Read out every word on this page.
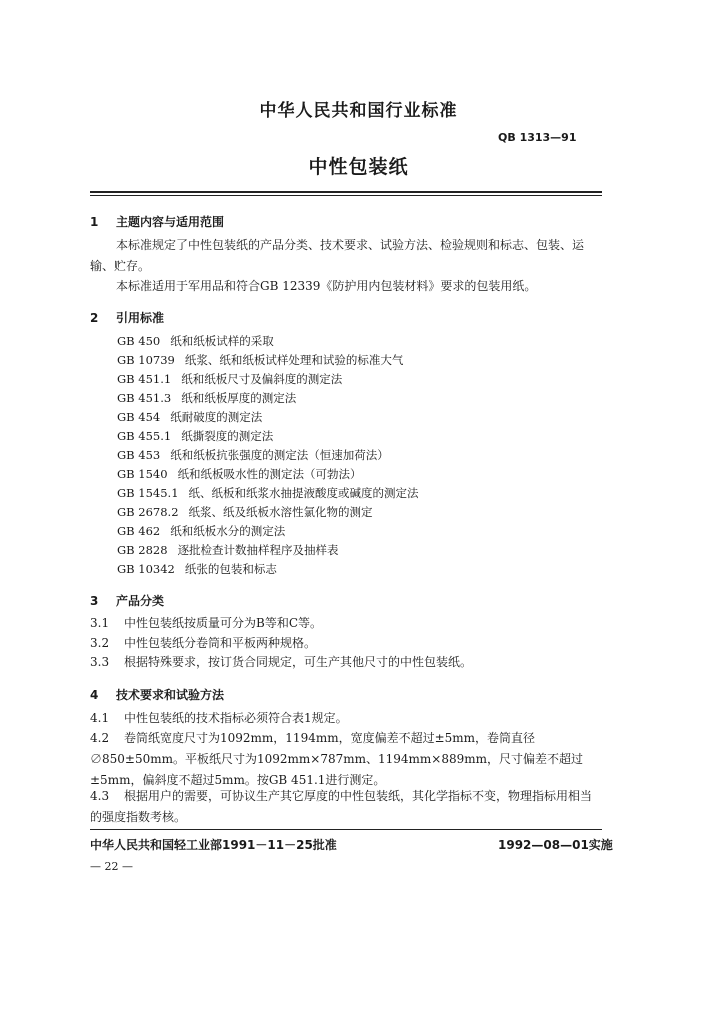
中华人民共和国行业标准
QB 1313—91
中性包装纸
1 主题内容与适用范围
本标准规定了中性包装纸的产品分类、技术要求、试验方法、检验规则和标志、包装、运输、贮存。
本标准适用于军用品和符合GB 12339《防护用内包装材料》要求的包装用纸。
2 引用标准
GB 450 纸和纸板试样的采取
GB 10739 纸浆、纸和纸板试样处理和试验的标准大气
GB 451.1 纸和纸板尺寸及偏斜度的测定法
GB 451.3 纸和纸板厚度的测定法
GB 454 纸耐破度的测定法
GB 455.1 纸撕裂度的测定法
GB 453 纸和纸板抗张强度的测定法（恒速加荷法）
GB 1540 纸和纸板吸水性的测定法（可勃法）
GB 1545.1 纸、纸板和纸浆水抽提液酸度或碱度的测定法
GB 2678.2 纸浆、纸及纸板水溶性氯化物的测定
GB 462 纸和纸板水分的测定法
GB 2828 逐批检查计数抽样程序及抽样表
GB 10342 纸张的包装和标志
3 产品分类
3.1 中性包装纸按质量可分为B等和C等。
3.2 中性包装纸分卷筒和平板两种规格。
3.3 根据特殊要求，按订货合同规定，可生产其他尺寸的中性包装纸。
4 技术要求和试验方法
4.1 中性包装纸的技术指标必须符合表1规定。
4.2 卷筒纸宽度尺寸为1092mm，1194mm，宽度偏差不超过±5mm，卷筒直径∅850±50mm。平板纸尺寸为1092mm×787mm、1194mm×889mm，尺寸偏差不超过±5mm，偏斜度不超过5mm。按GB 451.1进行测定。
4.3 根据用户的需要，可协议生产其它厚度的中性包装纸，其化学指标不变，物理指标用相当的强度指数考核。
中华人民共和国轻工业部1991－11－25批准	1992—08—01实施
— 22 —
